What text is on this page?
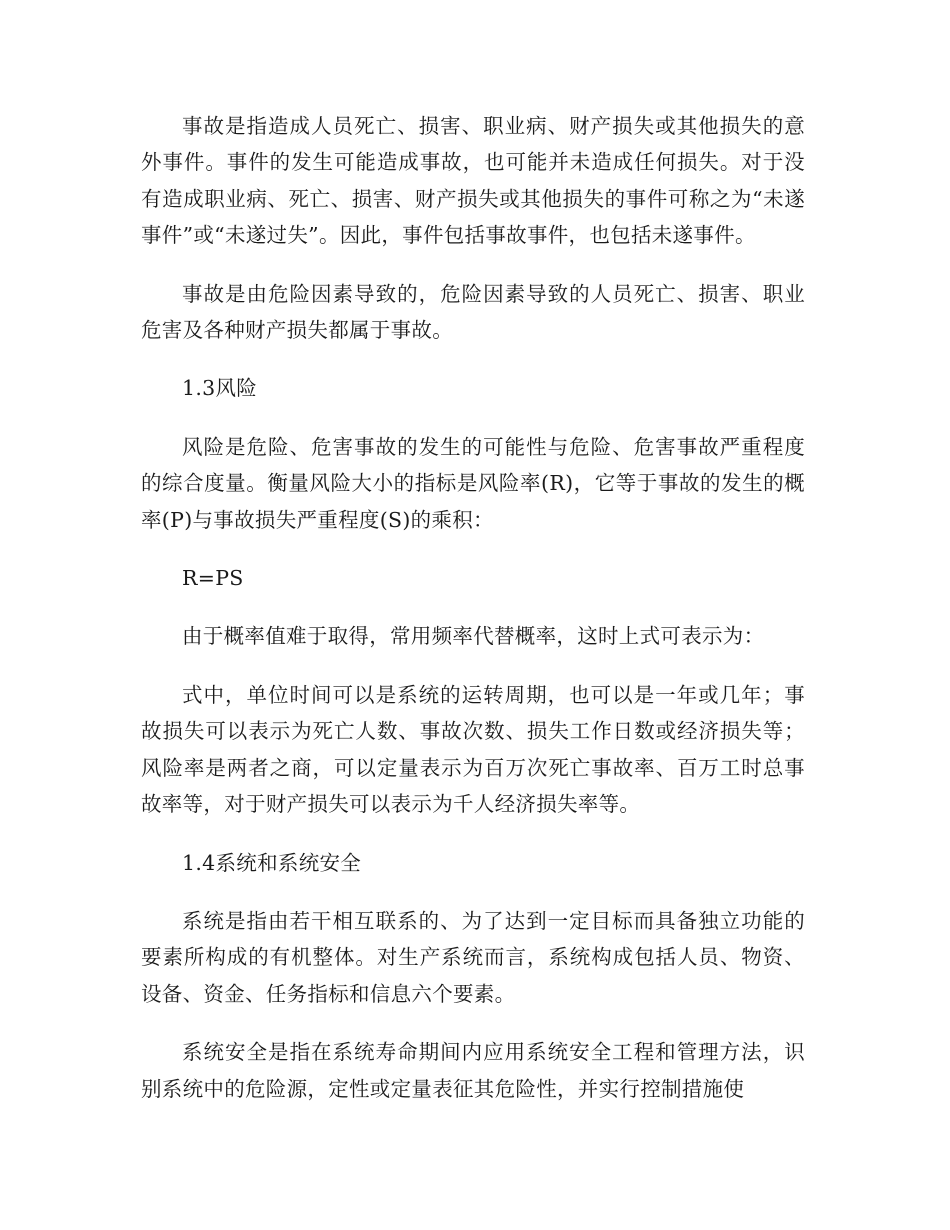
事故是指造成人员死亡、损害、职业病、财产损失或其他损失的意外事件。事件的发生可能造成事故，也可能并未造成任何损失。对于没有造成职业病、死亡、损害、财产损失或其他损失的事件可称之为“未遂事件”或“未遂过失”。因此，事件包括事故事件，也包括未遂事件。

事故是由危险因素导致的，危险因素导致的人员死亡、损害、职业危害及各种财产损失都属于事故。

1.3风险

风险是危险、危害事故的发生的可能性与危险、危害事故严重程度的综合度量。衡量风险大小的指标是风险率(R)，它等于事故的发生的概率(P)与事故损失严重程度(S)的乘积：

R=PS

由于概率值难于取得，常用频率代替概率，这时上式可表示为：

式中，单位时间可以是系统的运转周期，也可以是一年或几年；事故损失可以表示为死亡人数、事故次数、损失工作日数或经济损失等；风险率是两者之商，可以定量表示为百万次死亡事故率、百万工时总事故率等，对于财产损失可以表示为千人经济损失率等。

1.4系统和系统安全

系统是指由若干相互联系的、为了达到一定目标而具备独立功能的要素所构成的有机整体。对生产系统而言，系统构成包括人员、物资、设备、资金、任务指标和信息六个要素。

系统安全是指在系统寿命期间内应用系统安全工程和管理方法，识别系统中的危险源，定性或定量表征其危险性，并实行控制措施使
